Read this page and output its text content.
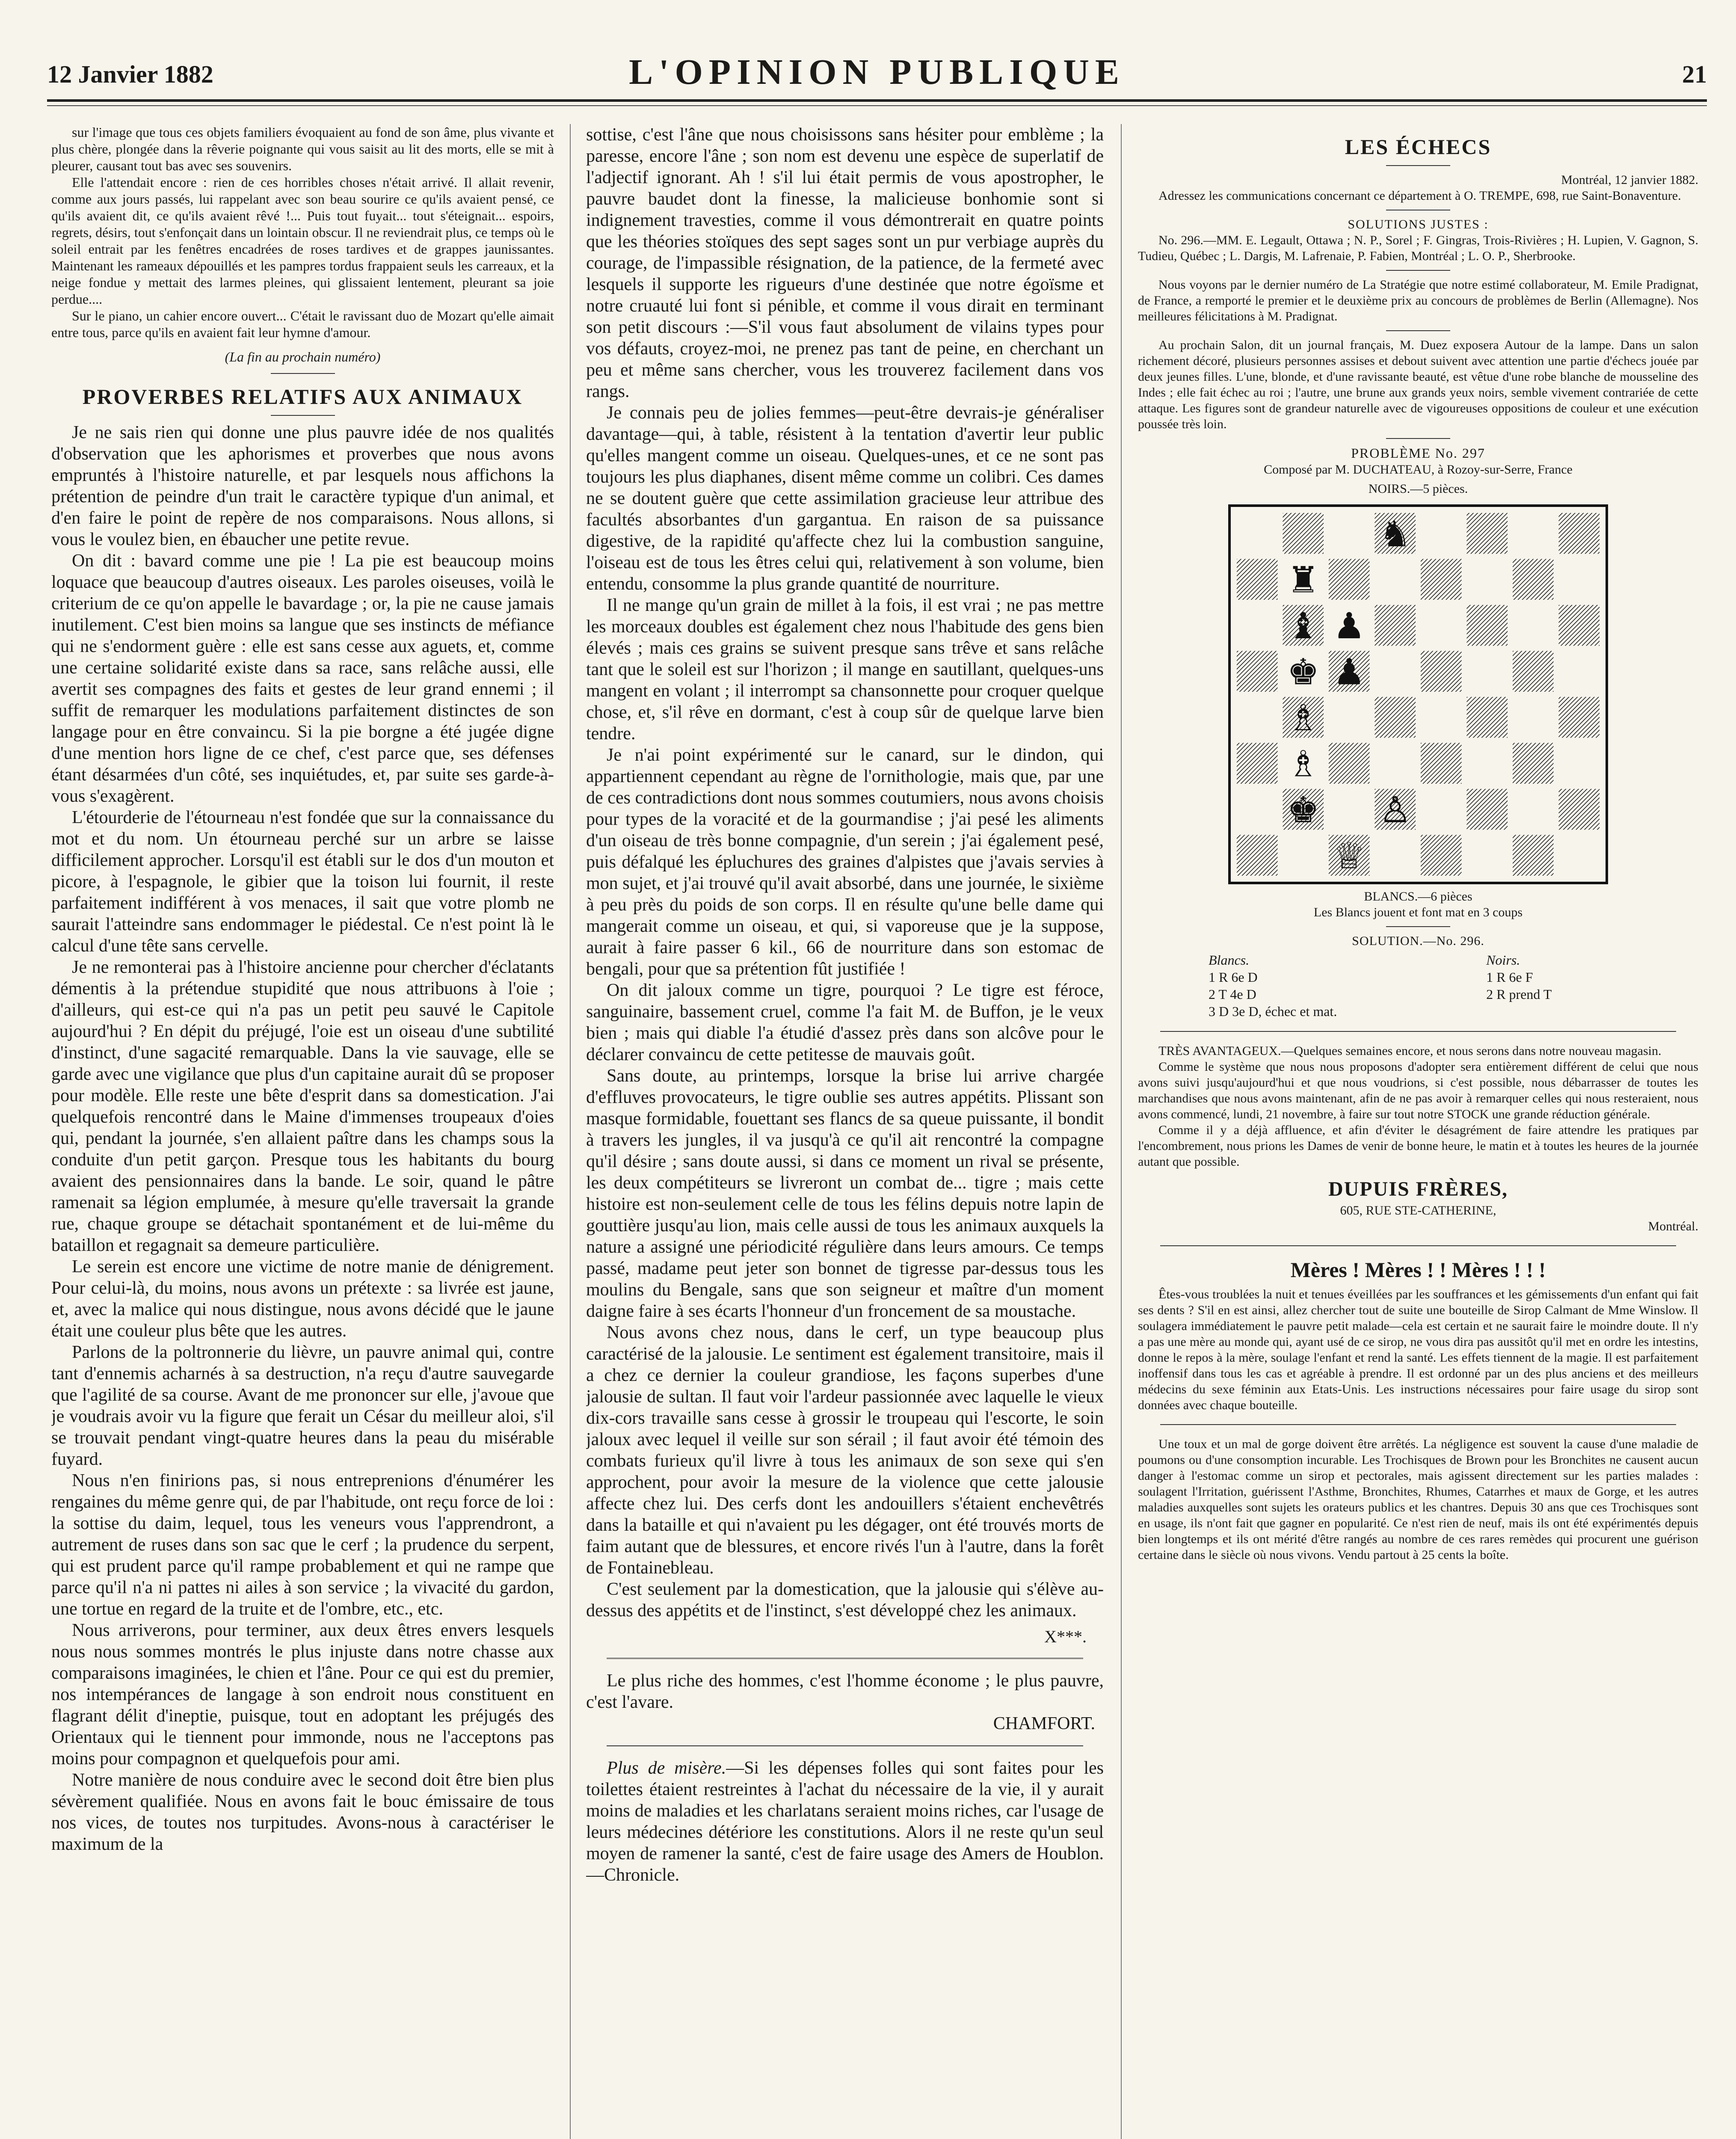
12 Janvier 1882	L'OPINION PUBLIQUE	21

sur l'image que tous ces objets familiers évoquaient au fond de son âme, plus vivante et plus chère, plongée dans la rêverie poignante qui vous saisit au lit des morts, elle se mit à pleurer, causant tout bas avec ses souvenirs.

Elle l'attendait encore : rien de ces horribles choses n'était arrivé. Il allait revenir, comme aux jours passés, lui rappelant avec son beau sourire ce qu'ils avaient pensé, ce qu'ils avaient dit, ce qu'ils avaient rêvé !... Puis tout fuyait... tout s'éteignait... espoirs, regrets, désirs, tout s'enfonçait dans un lointain obscur. Il ne reviendrait plus, ce temps où le soleil entrait par les fenêtres encadrées de roses tardives et de grappes jaunissantes. Maintenant les rameaux dépouillés et les pampres tordus frappaient seuls les carreaux, et la neige fondue y mettait des larmes pleines, qui glissaient lentement, pleurant sa joie perdue....

Sur le piano, un cahier encore ouvert... C'était le ravissant duo de Mozart qu'elle aimait entre tous, parce qu'ils en avaient fait leur hymne d'amour.

(La fin au prochain numéro)

PROVERBES RELATIFS AUX ANIMAUX

Je ne sais rien qui donne une plus pauvre idée de nos qualités d'observation que les aphorismes et proverbes que nous avons empruntés à l'histoire naturelle, et par lesquels nous affichons la prétention de peindre d'un trait le caractère typique d'un animal, et d'en faire le point de repère de nos comparaisons. Nous allons, si vous le voulez bien, en ébaucher une petite revue.

On dit : bavard comme une pie ! La pie est beaucoup moins loquace que beaucoup d'autres oiseaux. Les paroles oiseuses, voilà le criterium de ce qu'on appelle le bavardage ; or, la pie ne cause jamais inutilement. C'est bien moins sa langue que ses instincts de méfiance qui ne s'endorment guère : elle est sans cesse aux aguets, et, comme une certaine solidarité existe dans sa race, sans relâche aussi, elle avertit ses compagnes des faits et gestes de leur grand ennemi ; il suffit de remarquer les modulations parfaitement distinctes de son langage pour en être convaincu. Si la pie borgne a été jugée digne d'une mention hors ligne de ce chef, c'est parce que, ses défenses étant désarmées d'un côté, ses inquiétudes, et, par suite ses garde-à-vous s'exagèrent.

L'étourderie de l'étourneau n'est fondée que sur la connaissance du mot et du nom. Un étourneau perché sur un arbre se laisse difficilement approcher. Lorsqu'il est établi sur le dos d'un mouton et picore, à l'espagnole, le gibier que la toison lui fournit, il reste parfaitement indifférent à vos menaces, il sait que votre plomb ne saurait l'atteindre sans endommager le piédestal. Ce n'est point là le calcul d'une tête sans cervelle.

Je ne remonterai pas à l'histoire ancienne pour chercher d'éclatants démentis à la prétendue stupidité que nous attribuons à l'oie ; d'ailleurs, qui est-ce qui n'a pas un petit peu sauvé le Capitole aujourd'hui ? En dépit du préjugé, l'oie est un oiseau d'une subtilité d'instinct, d'une sagacité remarquable. Dans la vie sauvage, elle se garde avec une vigilance que plus d'un capitaine aurait dû se proposer pour modèle. Elle reste une bête d'esprit dans sa domestication. J'ai quelquefois rencontré dans le Maine d'immenses troupeaux d'oies qui, pendant la journée, s'en allaient paître dans les champs sous la conduite d'un petit garçon. Presque tous les habitants du bourg avaient des pensionnaires dans la bande. Le soir, quand le pâtre ramenait sa légion emplumée, à mesure qu'elle traversait la grande rue, chaque groupe se détachait spontanément et de lui-même du bataillon et regagnait sa demeure particulière.

Le serein est encore une victime de notre manie de dénigrement. Pour celui-là, du moins, nous avons un prétexte : sa livrée est jaune, et, avec la malice qui nous distingue, nous avons décidé que le jaune était une couleur plus bête que les autres.

Parlons de la poltronnerie du lièvre, un pauvre animal qui, contre tant d'ennemis acharnés à sa destruction, n'a reçu d'autre sauvegarde que l'agilité de sa course. Avant de me prononcer sur elle, j'avoue que je voudrais avoir vu la figure que ferait un César du meilleur aloi, s'il se trouvait pendant vingt-quatre heures dans la peau du misérable fuyard.

Nous n'en finirions pas, si nous entreprenions d'énumérer les rengaines du même genre qui, de par l'habitude, ont reçu force de loi : la sottise du daim, lequel, tous les veneurs vous l'apprendront, a autrement de ruses dans son sac que le cerf ; la prudence du serpent, qui est prudent parce qu'il rampe probablement et qui ne rampe que parce qu'il n'a ni pattes ni ailes à son service ; la vivacité du gardon, une tortue en regard de la truite et de l'ombre, etc., etc.

Nous arriverons, pour terminer, aux deux êtres envers lesquels nous nous sommes montrés le plus injuste dans notre chasse aux comparaisons imaginées, le chien et l'âne. Pour ce qui est du premier, nos intempérances de langage à son endroit nous constituent en flagrant délit d'ineptie, puisque, tout en adoptant les préjugés des Orientaux qui le tiennent pour immonde, nous ne l'acceptons pas moins pour compagnon et quelquefois pour ami.

Notre manière de nous conduire avec le second doit être bien plus sévèrement qualifiée. Nous en avons fait le bouc émissaire de tous nos vices, de toutes nos turpitudes. Avons-nous à caractériser le maximum de la

sottise, c'est l'âne que nous choisissons sans hésiter pour emblème ; la paresse, encore l'âne ; son nom est devenu une espèce de superlatif de l'adjectif ignorant. Ah ! s'il lui était permis de vous apostropher, le pauvre baudet dont la finesse, la malicieuse bonhomie sont si indignement travesties, comme il vous démontrerait en quatre points que les théories stoïques des sept sages sont un pur verbiage auprès du courage, de l'impassible résignation, de la patience, de la fermeté avec lesquels il supporte les rigueurs d'une destinée que notre égoïsme et notre cruauté lui font si pénible, et comme il vous dirait en terminant son petit discours :—S'il vous faut absolument de vilains types pour vos défauts, croyez-moi, ne prenez pas tant de peine, en cherchant un peu et même sans chercher, vous les trouverez facilement dans vos rangs.

Je connais peu de jolies femmes—peut-être devrais-je généraliser davantage—qui, à table, résistent à la tentation d'avertir leur public qu'elles mangent comme un oiseau. Quelques-unes, et ce ne sont pas toujours les plus diaphanes, disent même comme un colibri. Ces dames ne se doutent guère que cette assimilation gracieuse leur attribue des facultés absorbantes d'un gargantua. En raison de sa puissance digestive, de la rapidité qu'affecte chez lui la combustion sanguine, l'oiseau est de tous les êtres celui qui, relativement à son volume, bien entendu, consomme la plus grande quantité de nourriture.

Il ne mange qu'un grain de millet à la fois, il est vrai ; ne pas mettre les morceaux doubles est également chez nous l'habitude des gens bien élevés ; mais ces grains se suivent presque sans trêve et sans relâche tant que le soleil est sur l'horizon ; il mange en sautillant, quelques-uns mangent en volant ; il interrompt sa chansonnette pour croquer quelque chose, et, s'il rêve en dormant, c'est à coup sûr de quelque larve bien tendre.

Je n'ai point expérimenté sur le canard, sur le dindon, qui appartiennent cependant au règne de l'ornithologie, mais que, par une de ces contradictions dont nous sommes coutumiers, nous avons choisis pour types de la voracité et de la gourmandise ; j'ai pesé les aliments d'un oiseau de très bonne compagnie, d'un serein ; j'ai également pesé, puis défalqué les épluchures des graines d'alpistes que j'avais servies à mon sujet, et j'ai trouvé qu'il avait absorbé, dans une journée, le sixième à peu près du poids de son corps. Il en résulte qu'une belle dame qui mangerait comme un oiseau, et qui, si vaporeuse que je la suppose, aurait à faire passer 6 kil., 66 de nourriture dans son estomac de bengali, pour que sa prétention fût justifiée !

On dit jaloux comme un tigre, pourquoi ? Le tigre est féroce, sanguinaire, bassement cruel, comme l'a fait M. de Buffon, je le veux bien ; mais qui diable l'a étudié d'assez près dans son alcôve pour le déclarer convaincu de cette petitesse de mauvais goût.

Sans doute, au printemps, lorsque la brise lui arrive chargée d'effluves provocateurs, le tigre oublie ses autres appétits. Plissant son masque formidable, fouettant ses flancs de sa queue puissante, il bondit à travers les jungles, il va jusqu'à ce qu'il ait rencontré la compagne qu'il désire ; sans doute aussi, si dans ce moment un rival se présente, les deux compétiteurs se livreront un combat de... tigre ; mais cette histoire est non-seulement celle de tous les félins depuis notre lapin de gouttière jusqu'au lion, mais celle aussi de tous les animaux auxquels la nature a assigné une périodicité régulière dans leurs amours. Ce temps passé, madame peut jeter son bonnet de tigresse par-dessus tous les moulins du Bengale, sans que son seigneur et maître d'un moment daigne faire à ses écarts l'honneur d'un froncement de sa moustache.

Nous avons chez nous, dans le cerf, un type beaucoup plus caractérisé de la jalousie. Le sentiment est également transitoire, mais il a chez ce dernier la couleur grandiose, les façons superbes d'une jalousie de sultan. Il faut voir l'ardeur passionnée avec laquelle le vieux dix-cors travaille sans cesse à grossir le troupeau qui l'escorte, le soin jaloux avec lequel il veille sur son sérail ; il faut avoir été témoin des combats furieux qu'il livre à tous les animaux de son sexe qui s'en approchent, pour avoir la mesure de la violence que cette jalousie affecte chez lui. Des cerfs dont les andouillers s'étaient enchevêtrés dans la bataille et qui n'avaient pu les dégager, ont été trouvés morts de faim autant que de blessures, et encore rivés l'un à l'autre, dans la forêt de Fontainebleau.

C'est seulement par la domestication, que la jalousie qui s'élève au-dessus des appétits et de l'instinct, s'est développé chez les animaux.

X***.

Le plus riche des hommes, c'est l'homme économe ; le plus pauvre, c'est l'avare.

CHAMFORT.

Plus de misère.—Si les dépenses folles qui sont faites pour les toilettes étaient restreintes à l'achat du nécessaire de la vie, il y aurait moins de maladies et les charlatans seraient moins riches, car l'usage de leurs médecines détériore les constitutions. Alors il ne reste qu'un seul moyen de ramener la santé, c'est de faire usage des Amers de Houblon.—Chronicle.

LES ÉCHECS
Montréal, 12 janvier 1882.

Adressez les communications concernant ce département à O. TREMPE, 698, rue Saint-Bonaventure.

SOLUTIONS JUSTES :

No. 296.—MM. E. Legault, Ottawa ; N. P., Sorel ; F. Gingras, Trois-Rivières ; H. Lupien, V. Gagnon, S. Tudieu, Québec ; L. Dargis, M. Lafrenaie, P. Fabien, Montréal ; L. O. P., Sherbrooke.

Nous voyons par le dernier numéro de La Stratégie que notre estimé collaborateur, M. Emile Pradignat, de France, a remporté le premier et le deuxième prix au concours de problèmes de Berlin (Allemagne). Nos meilleures félicitations à M. Pradignat.

Au prochain Salon, dit un journal français, M. Duez exposera Autour de la lampe. Dans un salon richement décoré, plusieurs personnes assises et debout suivent avec attention une partie d'échecs jouée par deux jeunes filles. L'une, blonde, et d'une ravissante beauté, est vêtue d'une robe blanche de mousseline des Indes ; elle fait échec au roi ; l'autre, une brune aux grands yeux noirs, semble vivement contrariée de cette attaque. Les figures sont de grandeur naturelle avec de vigoureuses oppositions de couleur et une exécution poussée très loin.

PROBLÈME No. 297
Composé par M. DUCHATEAU, à Rozoy-sur-Serre, France
NOIRS.—5 pièces.
♞
♜
♝ ♟
♚ ♟
♗
♗
♚ ♙
♕
BLANCS.—6 pièces
Les Blancs jouent et font mat en 3 coups
SOLUTION.—No. 296.
Blancs.	Noirs.
1 R 6e D	1 R 6e F
2 T 4e D	2 R prend T
3 D 3e D, échec et mat.	

TRÈS AVANTAGEUX.—Quelques semaines encore, et nous serons dans notre nouveau magasin.

Comme le système que nous nous proposons d'adopter sera entièrement différent de celui que nous avons suivi jusqu'aujourd'hui et que nous voudrions, si c'est possible, nous débarrasser de toutes les marchandises que nous avons maintenant, afin de ne pas avoir à remarquer celles qui nous resteraient, nous avons commencé, lundi, 21 novembre, à faire sur tout notre STOCK une grande réduction générale.

Comme il y a déjà affluence, et afin d'éviter le désagrément de faire attendre les pratiques par l'encombrement, nous prions les Dames de venir de bonne heure, le matin et à toutes les heures de la journée autant que possible.

DUPUIS FRÈRES,
605, RUE STE-CATHERINE,
Montréal.
Mères ! Mères ! ! Mères ! ! !

Êtes-vous troublées la nuit et tenues éveillées par les souffrances et les gémissements d'un enfant qui fait ses dents ? S'il en est ainsi, allez chercher tout de suite une bouteille de Sirop Calmant de Mme Winslow. Il soulagera immédiatement le pauvre petit malade—cela est certain et ne saurait faire le moindre doute. Il n'y a pas une mère au monde qui, ayant usé de ce sirop, ne vous dira pas aussitôt qu'il met en ordre les intestins, donne le repos à la mère, soulage l'enfant et rend la santé. Les effets tiennent de la magie. Il est parfaitement inoffensif dans tous les cas et agréable à prendre. Il est ordonné par un des plus anciens et des meilleurs médecins du sexe féminin aux Etats-Unis. Les instructions nécessaires pour faire usage du sirop sont données avec chaque bouteille.

Une toux et un mal de gorge doivent être arrêtés. La négligence est souvent la cause d'une maladie de poumons ou d'une consomption incurable. Les Trochisques de Brown pour les Bronchites ne causent aucun danger à l'estomac comme un sirop et pectorales, mais agissent directement sur les parties malades : soulagent l'Irritation, guérissent l'Asthme, Bronchites, Rhumes, Catarrhes et maux de Gorge, et les autres maladies auxquelles sont sujets les orateurs publics et les chantres. Depuis 30 ans que ces Trochisques sont en usage, ils n'ont fait que gagner en popularité. Ce n'est rien de neuf, mais ils ont été expérimentés depuis bien longtemps et ils ont mérité d'être rangés au nombre de ces rares remèdes qui procurent une guérison certaine dans le siècle où nous vivons. Vendu partout à 25 cents la boîte.
